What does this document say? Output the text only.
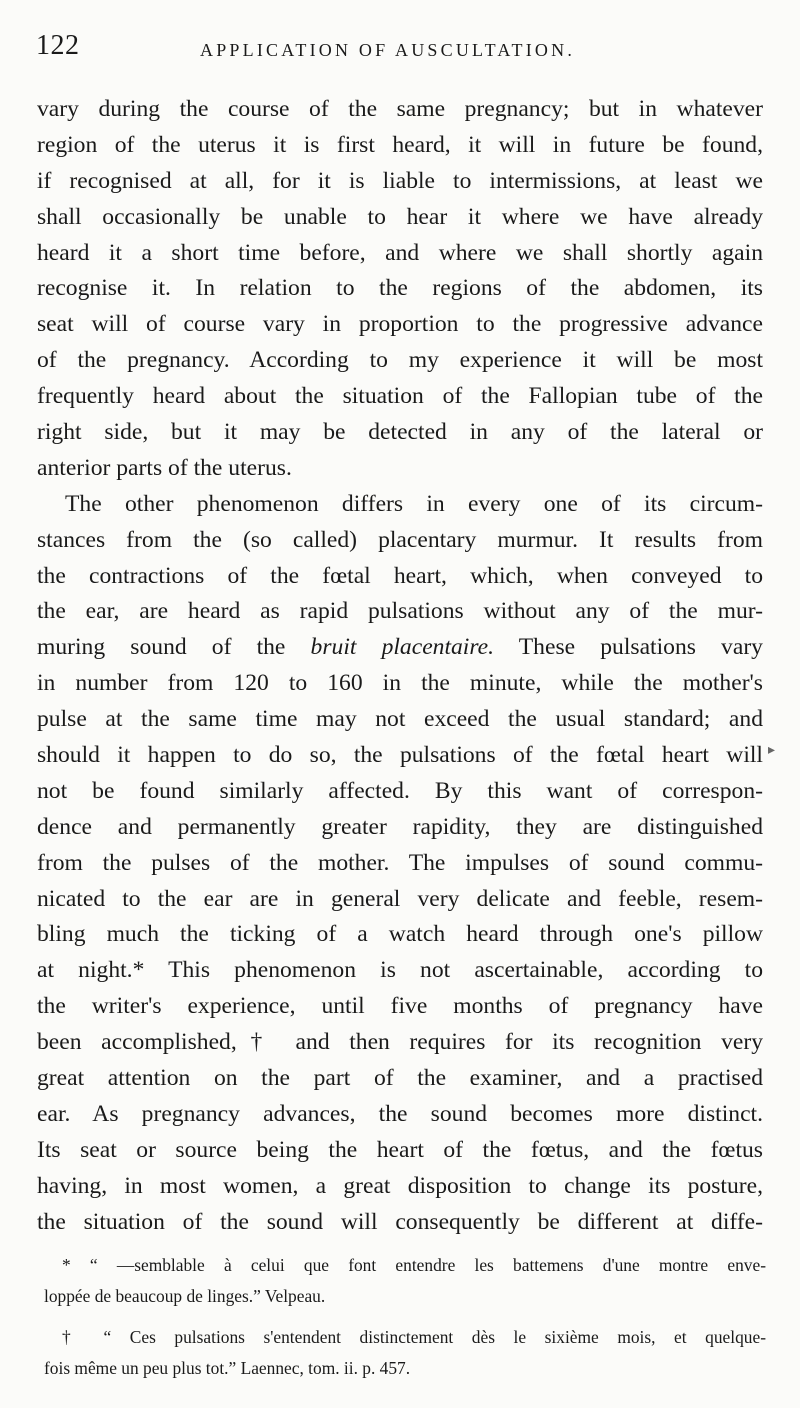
122	APPLICATION OF AUSCULTATION.
vary during the course of the same pregnancy; but in whatever
region of the uterus it is first heard, it will in future be found,
if recognised at all, for it is liable to intermissions, at least we
shall occasionally be unable to hear it where we have already
heard it a short time before, and where we shall shortly again
recognise it. In relation to the regions of the abdomen, its
seat will of course vary in proportion to the progressive advance
of the pregnancy. According to my experience it will be most
frequently heard about the situation of the Fallopian tube of the
right side, but it may be detected in any of the lateral or
anterior parts of the uterus.
The other phenomenon differs in every one of its circum-
stances from the (so called) placentary murmur. It results from
the contractions of the fœtal heart, which, when conveyed to
the ear, are heard as rapid pulsations without any of the mur-
muring sound of the bruit placentaire. These pulsations vary
in number from 120 to 160 in the minute, while the mother's
pulse at the same time may not exceed the usual standard; and
should it happen to do so, the pulsations of the fœtal heart will
not be found similarly affected. By this want of correspon-
dence and permanently greater rapidity, they are distinguished
from the pulses of the mother. The impulses of sound commu-
nicated to the ear are in general very delicate and feeble, resem-
bling much the ticking of a watch heard through one's pillow
at night.* This phenomenon is not ascertainable, according to
the writer's experience, until five months of pregnancy have
been accomplished,† and then requires for its recognition very
great attention on the part of the examiner, and a practised
ear. As pregnancy advances, the sound becomes more distinct.
Its seat or source being the heart of the fœtus, and the fœtus
having, in most women, a great disposition to change its posture,
the situation of the sound will consequently be different at diffe-
▸
* “ —semblable à celui que font entendre les battemens d'une montre enve-
loppée de beaucoup de linges.” Velpeau.
† “ Ces pulsations s'entendent distinctement dès le sixième mois, et quelque-
fois même un peu plus tot.” Laennec, tom. ii. p. 457.
